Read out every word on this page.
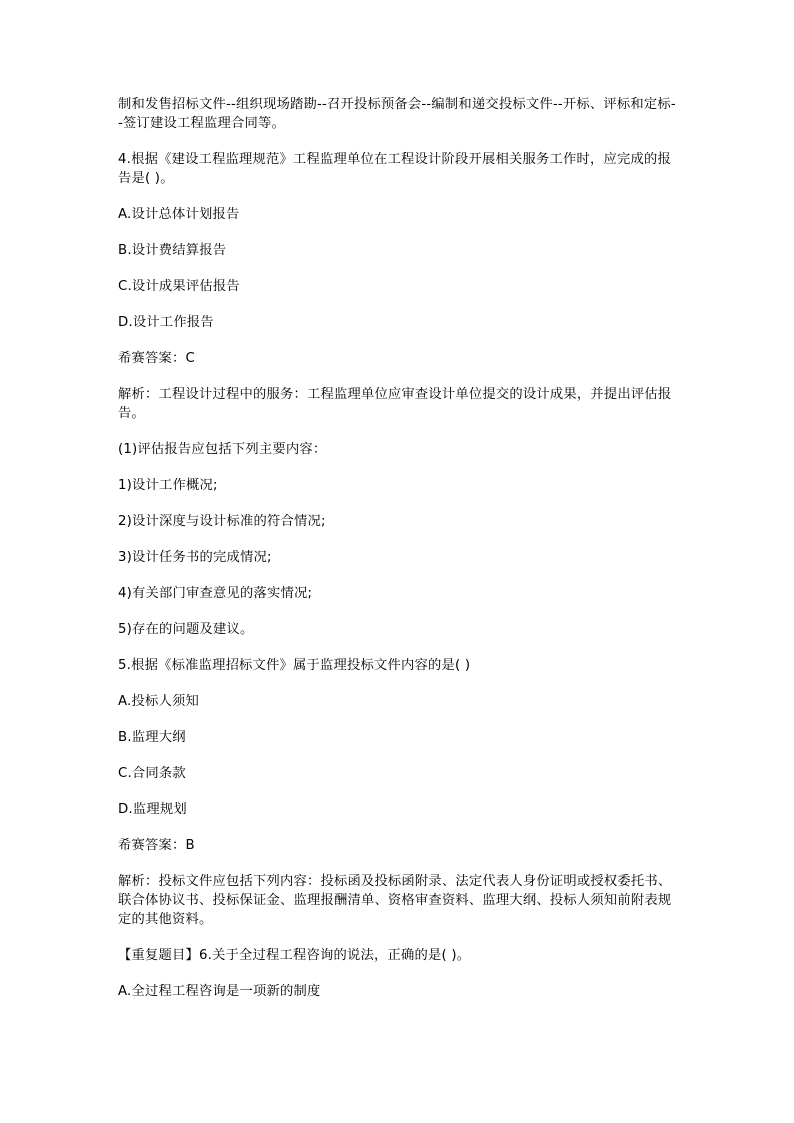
制和发售招标文件--组织现场踏勘--召开投标预备会--编制和递交投标文件--开标、评标和定标--签订建设工程监理合同等。

4.根据《建设工程监理规范》工程监理单位在工程设计阶段开展相关服务工作时，应完成的报告是( )。

A.设计总体计划报告

B.设计费结算报告

C.设计成果评估报告

D.设计工作报告

希赛答案：C

解析：工程设计过程中的服务：工程监理单位应审查设计单位提交的设计成果，并提出评估报告。

(1)评估报告应包括下列主要内容：

1)设计工作概况;

2)设计深度与设计标准的符合情况;

3)设计任务书的完成情况;

4)有关部门审查意见的落实情况;

5)存在的问题及建议。

5.根据《标准监理招标文件》属于监理投标文件内容的是( )

A.投标人须知

B.监理大纲

C.合同条款

D.监理规划

希赛答案：B

解析：投标文件应包括下列内容：投标函及投标函附录、法定代表人身份证明或授权委托书、联合体协议书、投标保证金、监理报酬清单、资格审查资料、监理大纲、投标人须知前附表规定的其他资料。

【重复题目】6.关于全过程工程咨询的说法，正确的是( )。

A.全过程工程咨询是一项新的制度
